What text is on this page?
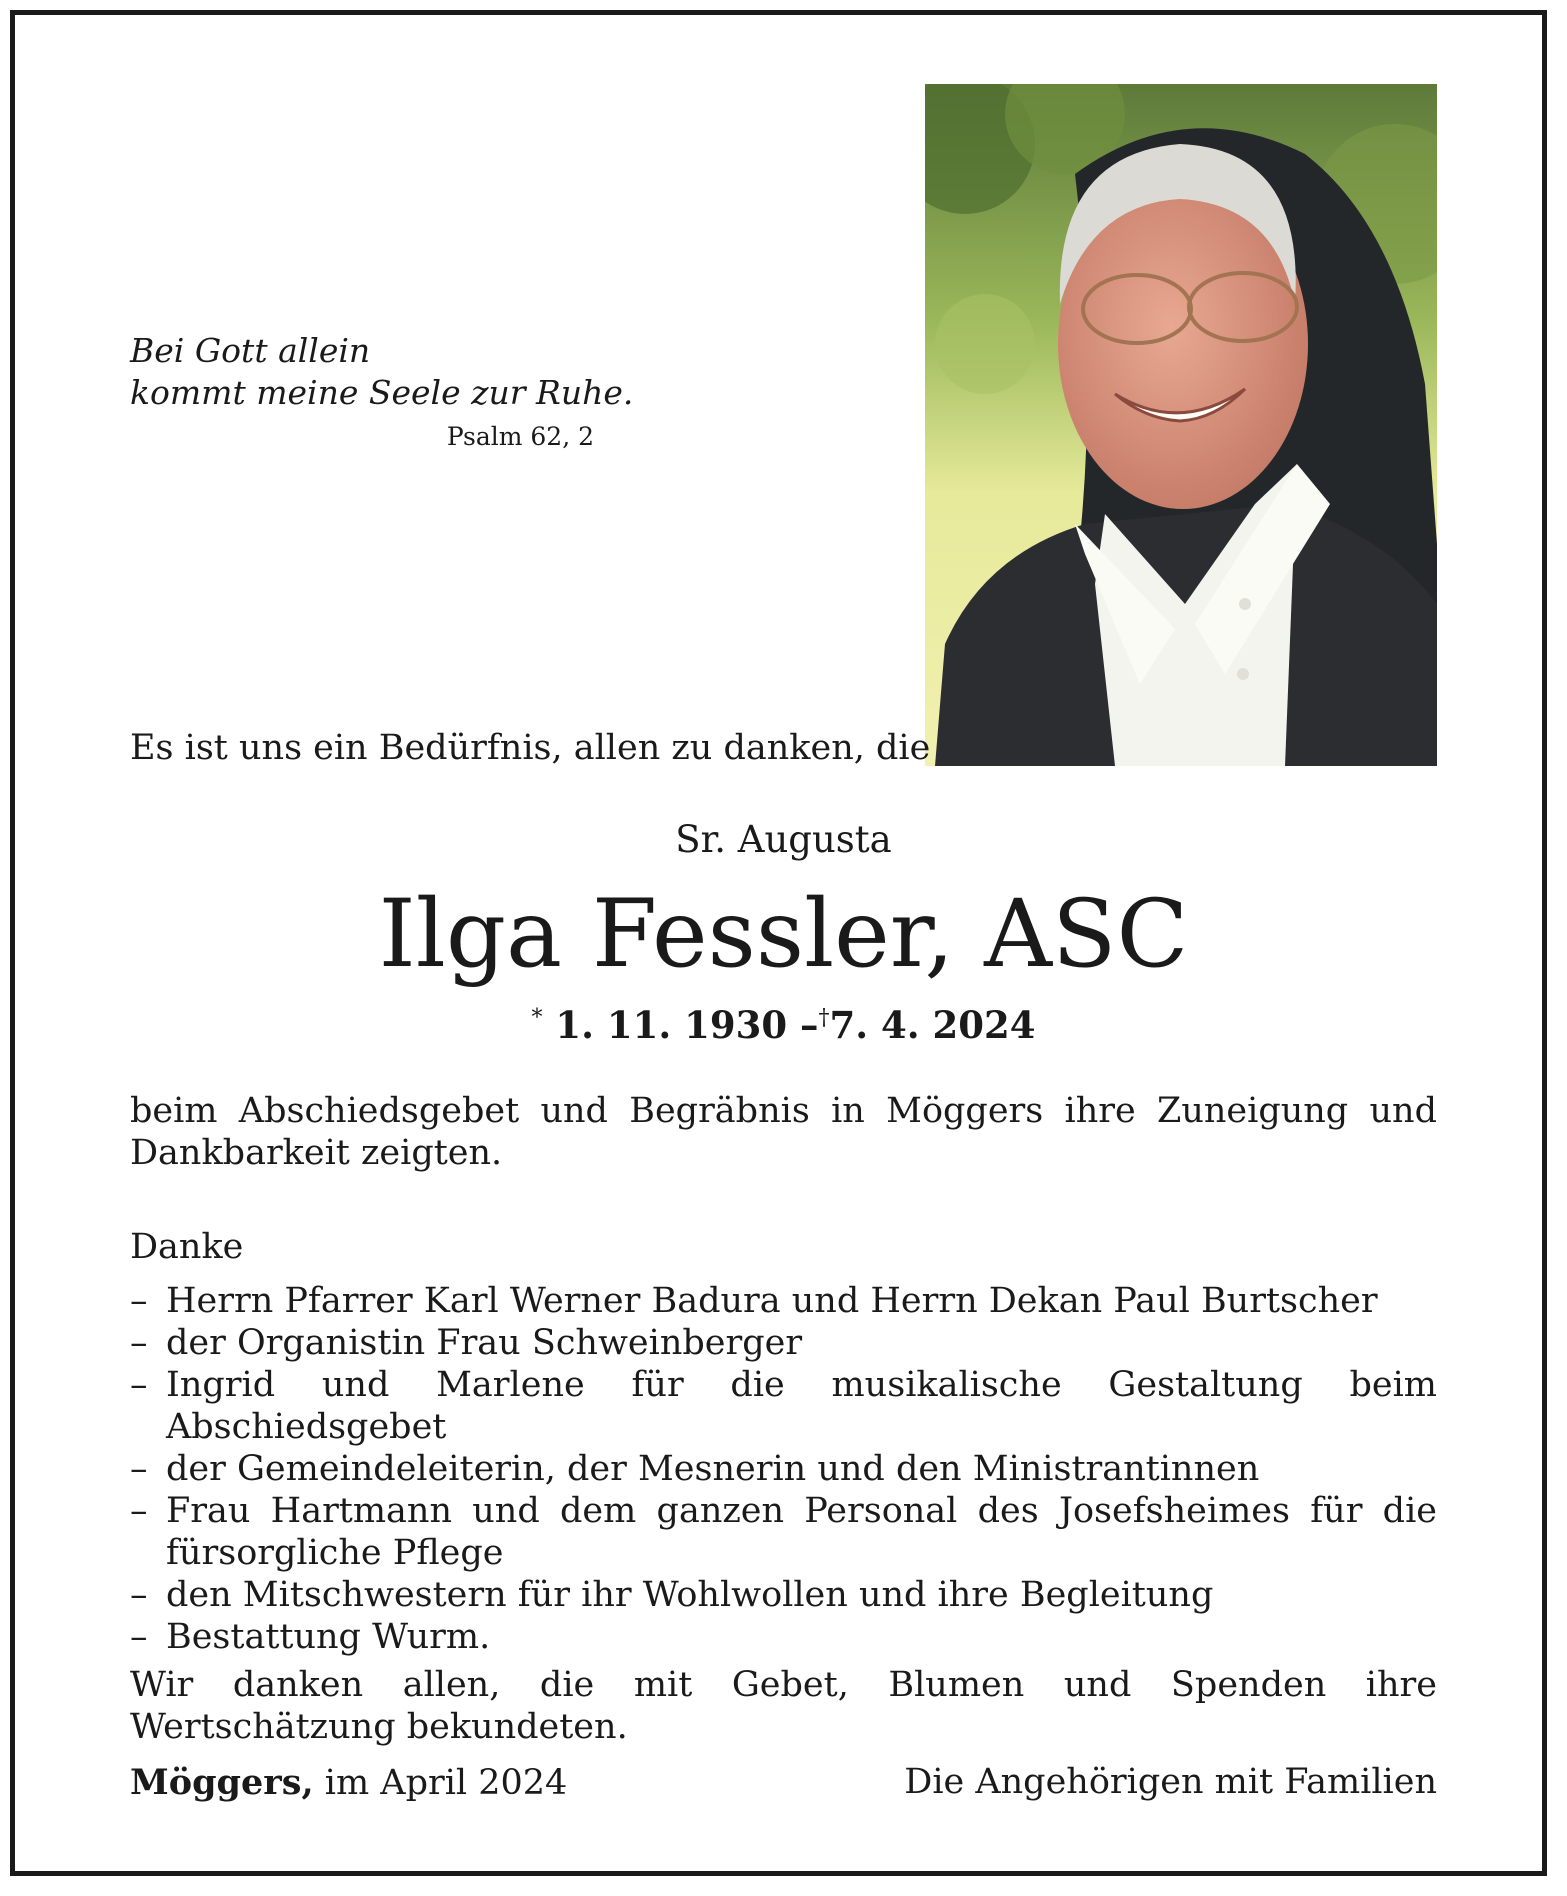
Bei Gott allein
kommt meine Seele zur Ruhe.
Psalm 62, 2
Es ist uns ein Bedürfnis, allen zu danken, die
Sr. Augusta
Ilga Fessler, ASC
* 1. 11. 1930 –†7. 4. 2024
beim Abschiedsgebet und Begräbnis in Möggers ihre Zuneigung und Dankbarkeit zeigten.
Danke
– Herrn Pfarrer Karl Werner Badura und Herrn Dekan Paul Burtscher
– der Organistin Frau Schweinberger
– Ingrid und Marlene für die musikalische Gestaltung beim Abschiedsgebet
– der Gemeindeleiterin, der Mesnerin und den Ministrantinnen
– Frau Hartmann und dem ganzen Personal des Josefsheimes für die fürsorgliche Pflege
– den Mitschwestern für ihr Wohlwollen und ihre Begleitung
– Bestattung Wurm.
Wir danken allen, die mit Gebet, Blumen und Spenden ihre Wertschätzung bekundeten.
Möggers, im April 2024	Die Angehörigen mit Familien
